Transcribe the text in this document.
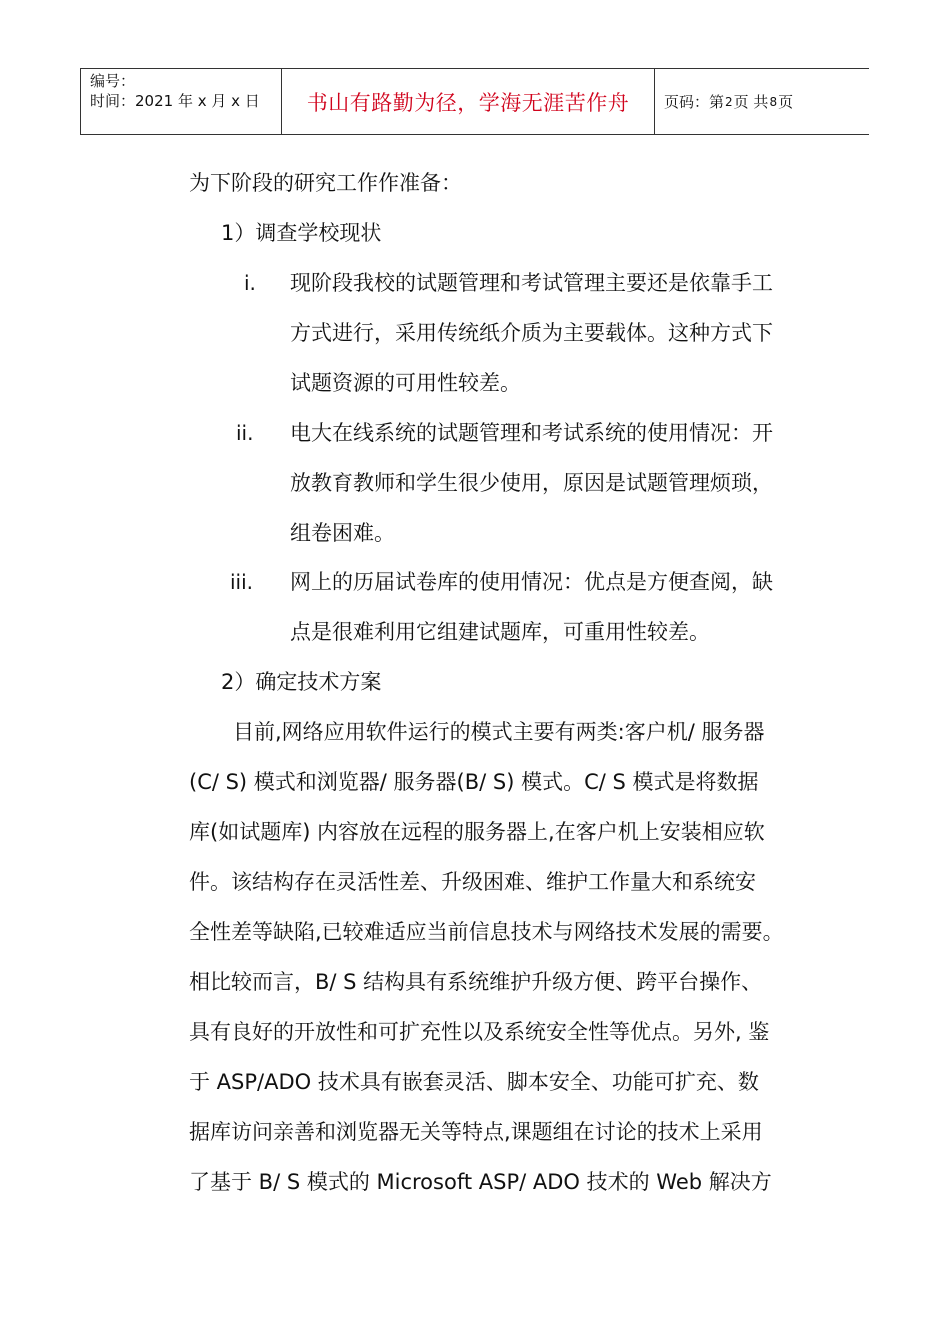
编号：
时间：2021 年 x 月 x 日	书山有路勤为径，学海无涯苦作舟 页码：第 2 页 共 8 页
为下阶段的研究工作作准备：
1）调查学校现状
i. 现阶段我校的试题管理和考试管理主要还是依靠手工
方式进行，采用传统纸介质为主要载体。这种方式下
试题资源的可用性较差。
ii. 电大在线系统的试题管理和考试系统的使用情况：开
放教育教师和学生很少使用，原因是试题管理烦琐，
组卷困难。
iii. 网上的历届试卷库的使用情况：优点是方便查阅，缺
点是很难利用它组建试题库，可重用性较差。
2）确定技术方案
目前,网络应用软件运行的模式主要有两类:客户机/ 服务器
(C/ S) 模式和浏览器/ 服务器(B/ S) 模式。C/ S 模式是将数据
库(如试题库) 内容放在远程的服务器上,在客户机上安装相应软
件。该结构存在灵活性差、升级困难、维护工作量大和系统安
全性差等缺陷,已较难适应当前信息技术与网络技术发展的需要。
相比较而言，B/ S 结构具有系统维护升级方便、跨平台操作、
具有良好的开放性和可扩充性以及系统安全性等优点。另外, 鉴
于 ASP/ADO 技术具有嵌套灵活、脚本安全、功能可扩充、数
据库访问亲善和浏览器无关等特点,课题组在讨论的技术上采用
了基于 B/ S 模式的 Microsoft ASP/ ADO 技术的 Web 解决方
